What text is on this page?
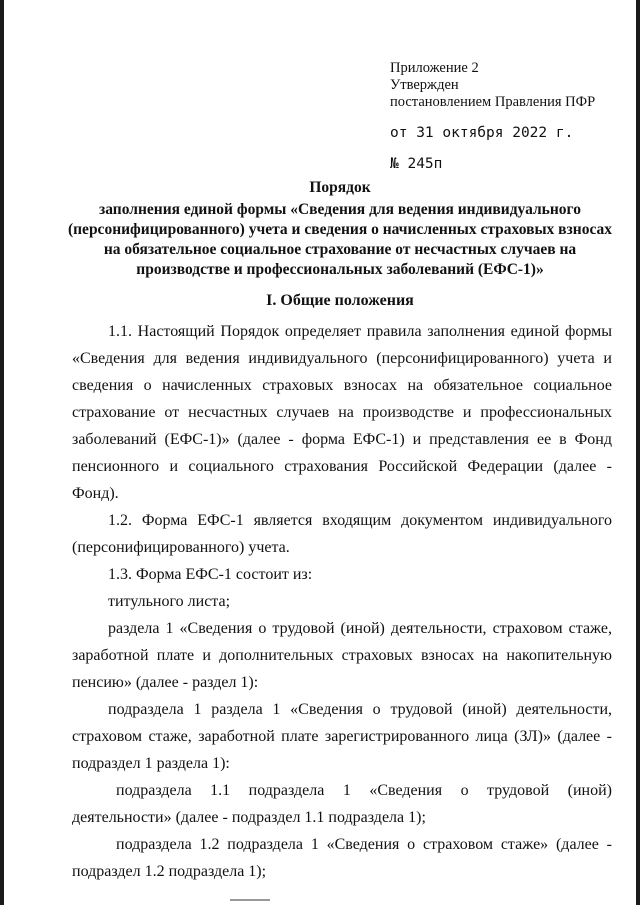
Приложение 2
Утвержден
постановлением Правления ПФР
от 31 октября 2022 г.
№ 245п
Порядок
заполнения единой формы «Сведения для ведения индивидуального
(персонифицированного) учета и сведения о начисленных страховых взносах
на обязательное социальное страхование от несчастных случаев на
производстве и профессиональных заболеваний (ЕФС-1)»
I. Общие положения

1.1. Настоящий Порядок определяет правила заполнения единой формы «Сведения для ведения индивидуального (персонифицированного) учета и сведения о начисленных страховых взносах на обязательное социальное страхование от несчастных случаев на производстве и профессиональных заболеваний (ЕФС-1)» (далее - форма ЕФС-1) и представления ее в Фонд пенсионного и социального страхования Российской Федерации (далее - Фонд).

1.2. Форма ЕФС-1 является входящим документом индивидуального (персонифицированного) учета.

1.3. Форма ЕФС-1 состоит из:

титульного листа;

раздела 1 «Сведения о трудовой (иной) деятельности, страховом стаже, заработной плате и дополнительных страховых взносах на накопительную пенсию» (далее - раздел 1):

подраздела 1 раздела 1 «Сведения о трудовой (иной) деятельности, страховом стаже, заработной плате зарегистрированного лица (ЗЛ)» (далее - подраздел 1 раздела 1):

подраздела 1.1 подраздела 1 «Сведения о трудовой (иной) деятельности» (далее - подраздел 1.1 подраздела 1);

подраздела 1.2 подраздела 1 «Сведения о страховом стаже» (далее - подраздел 1.2 подраздела 1);
